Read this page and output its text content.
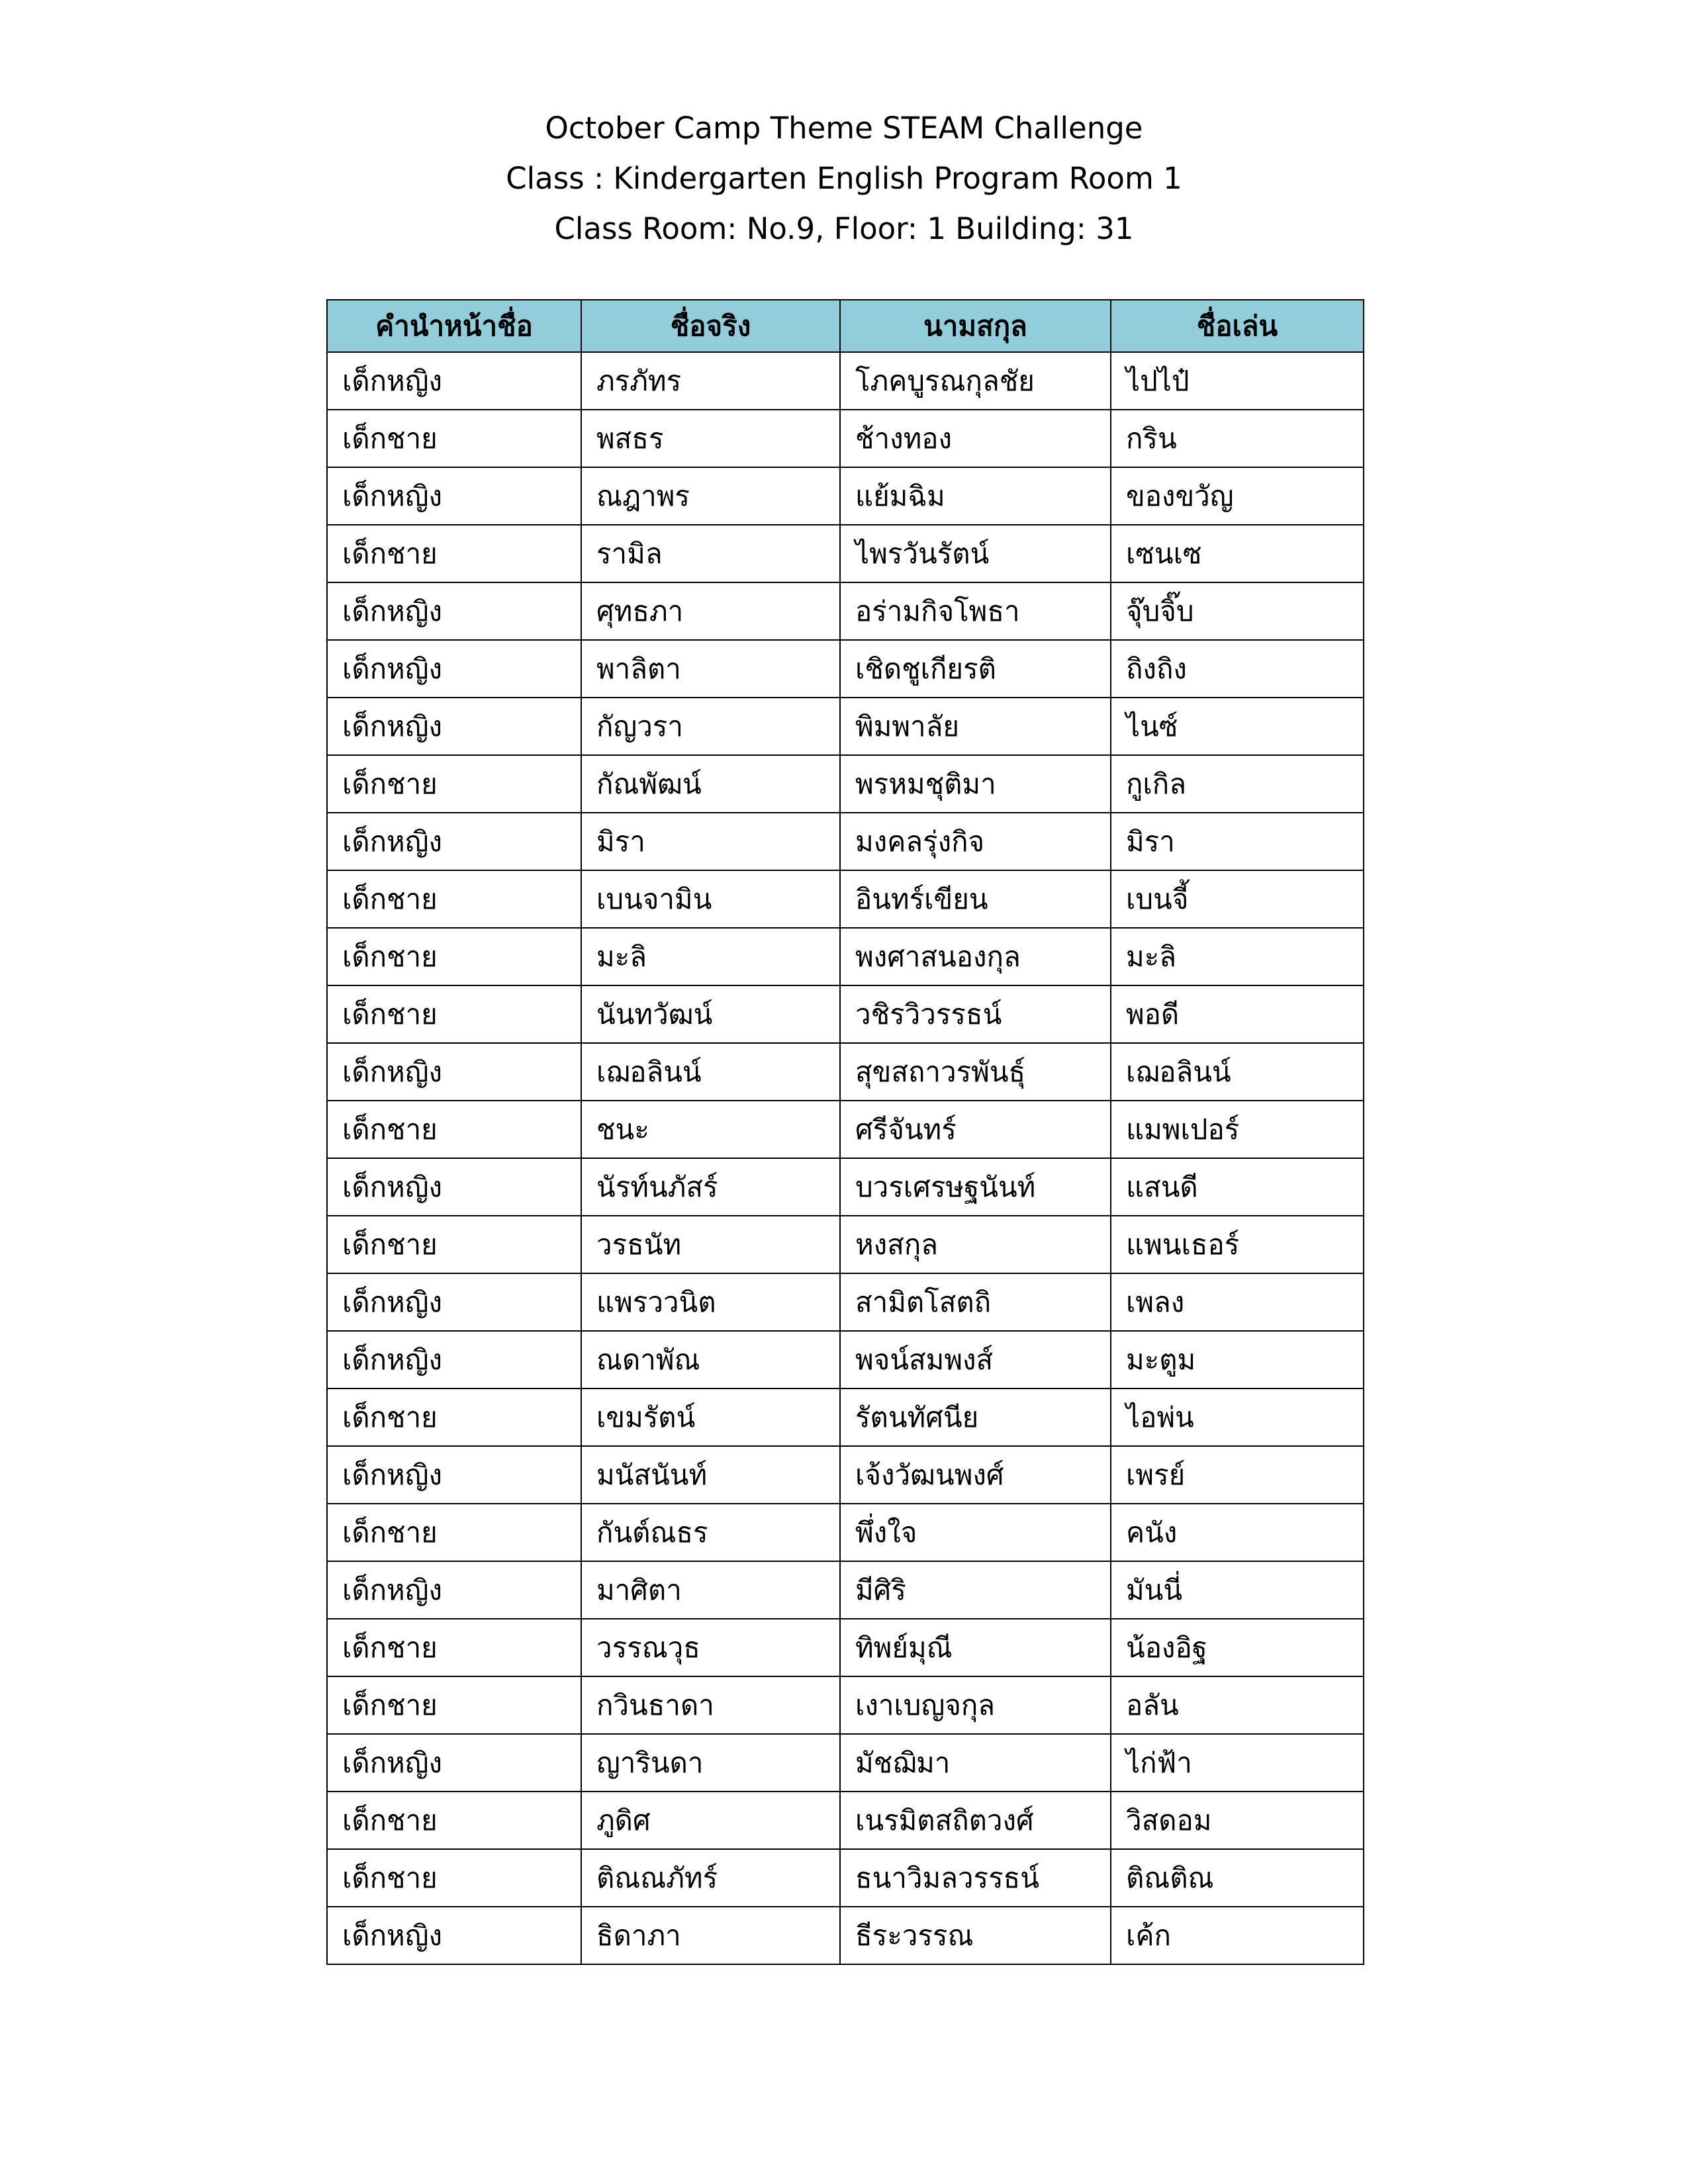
October Camp Theme STEAM Challenge
Class : Kindergarten English Program Room 1
Class Room: No.9, Floor: 1 Building: 31
คำนำหน้าชื่อ	ชื่อจริง	นามสกุล	ชื่อเล่น
เด็กหญิง	ภรภัทร	โภคบูรณกุลชัย	ไปไป๋
เด็กชาย	พสธร	ช้างทอง	กริน
เด็กหญิง	ณฎาพร	แย้มฉิม	ของขวัญ
เด็กชาย	รามิล	ไพรวันรัตน์	เซนเซ
เด็กหญิง	ศุทธภา	อร่ามกิจโพธา	จุ๊บจิ๊บ
เด็กหญิง	พาลิตา	เชิดชูเกียรติ	ถิงถิง
เด็กหญิง	กัญวรา	พิมพาลัย	ไนซ์
เด็กชาย	กัณพัฒน์	พรหมชุติมา	กูเกิล
เด็กหญิง	มิรา	มงคลรุ่งกิจ	มิรา
เด็กชาย	เบนจามิน	อินทร์เขียน	เบนจี้
เด็กชาย	มะลิ	พงศาสนองกุล	มะลิ
เด็กชาย	นันทวัฒน์	วชิรวิวรรธน์	พอดี
เด็กหญิง	เฌอลินน์	สุขสถาวรพันธุ์	เฌอลินน์
เด็กชาย	ชนะ	ศรีจันทร์	แมพเปอร์
เด็กหญิง	นัรท์นภัสร์	บวรเศรษฐนันท์	แสนดี
เด็กชาย	วรธนัท	หงสกุล	แพนเธอร์
เด็กหญิง	แพรววนิต	สามิตโสตถิ	เพลง
เด็กหญิง	ณดาพัณ	พจน์สมพงส์	มะตูม
เด็กชาย	เขมรัตน์	รัตนทัศนีย	ไอพ่น
เด็กหญิง	มนัสนันท์	เจ้งวัฒนพงศ์	เพรย์
เด็กชาย	กันต์ณธร	พึ่งใจ	คนัง
เด็กหญิง	มาศิตา	มีศิริ	มันนี่
เด็กชาย	วรรณวุธ	ทิพย์มุณี	น้องอิฐ
เด็กชาย	กวินธาดา	เงาเบญจกุล	อลัน
เด็กหญิง	ญารินดา	มัชฌิมา	ไก่ฟ้า
เด็กชาย	ภูดิศ	เนรมิตสถิตวงศ์	วิสดอม
เด็กชาย	ติณณภัทร์	ธนาวิมลวรรธน์	ติณติณ
เด็กหญิง	ธิดาภา	ธีระวรรณ	เค้ก
